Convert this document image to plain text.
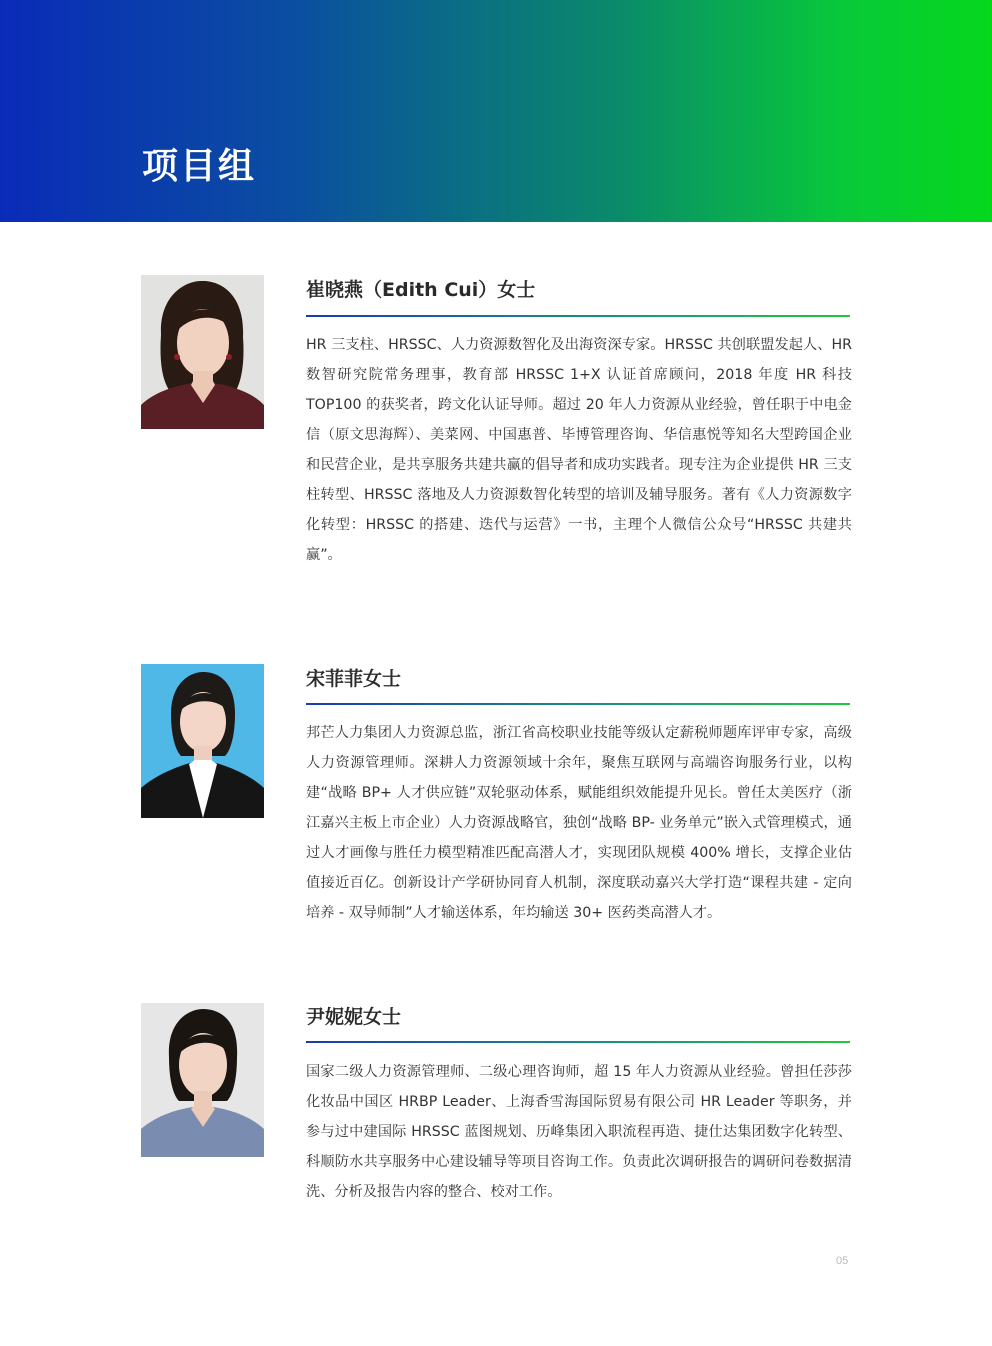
项目组
崔晓燕（Edith Cui）女士
HR 三支柱、HRSSC、人力资源数智化及出海资深专家。HRSSC 共创联盟发起人、HR 数智研究院常务理事，教育部 HRSSC 1+X 认证首席顾问，2018 年度 HR 科技 TOP100 的获奖者，跨文化认证导师。超过 20 年人力资源从业经验，曾任职于中电金信（原文思海辉）、美菜网、中国惠普、毕博管理咨询、华信惠悦等知名大型跨国企业和民营企业，是共享服务共建共赢的倡导者和成功实践者。现专注为企业提供 HR 三支柱转型、HRSSC 落地及人力资源数智化转型的培训及辅导服务。著有《人力资源数字化转型：HRSSC 的搭建、迭代与运营》一书，主理个人微信公众号“HRSSC 共建共赢”。
宋菲菲女士
邦芒人力集团人力资源总监，浙江省高校职业技能等级认定薪税师题库评审专家，高级人力资源管理师。深耕人力资源领域十余年，聚焦互联网与高端咨询服务行业，以构建“战略 BP+ 人才供应链”双轮驱动体系，赋能组织效能提升见长。曾任太美医疗（浙江嘉兴主板上市企业）人力资源战略官，独创“战略 BP- 业务单元”嵌入式管理模式，通过人才画像与胜任力模型精准匹配高潜人才，实现团队规模 400% 增长，支撑企业估值接近百亿。创新设计产学研协同育人机制，深度联动嘉兴大学打造“课程共建 - 定向培养 - 双导师制”人才输送体系，年均输送 30+ 医药类高潜人才。
尹妮妮女士
国家二级人力资源管理师、二级心理咨询师，超 15 年人力资源从业经验。曾担任莎莎化妆品中国区 HRBP Leader、上海香雪海国际贸易有限公司 HR Leader 等职务，并参与过中建国际 HRSSC 蓝图规划、历峰集团入职流程再造、捷仕达集团数字化转型、科顺防水共享服务中心建设辅导等项目咨询工作。负责此次调研报告的调研问卷数据清洗、分析及报告内容的整合、校对工作。
05
